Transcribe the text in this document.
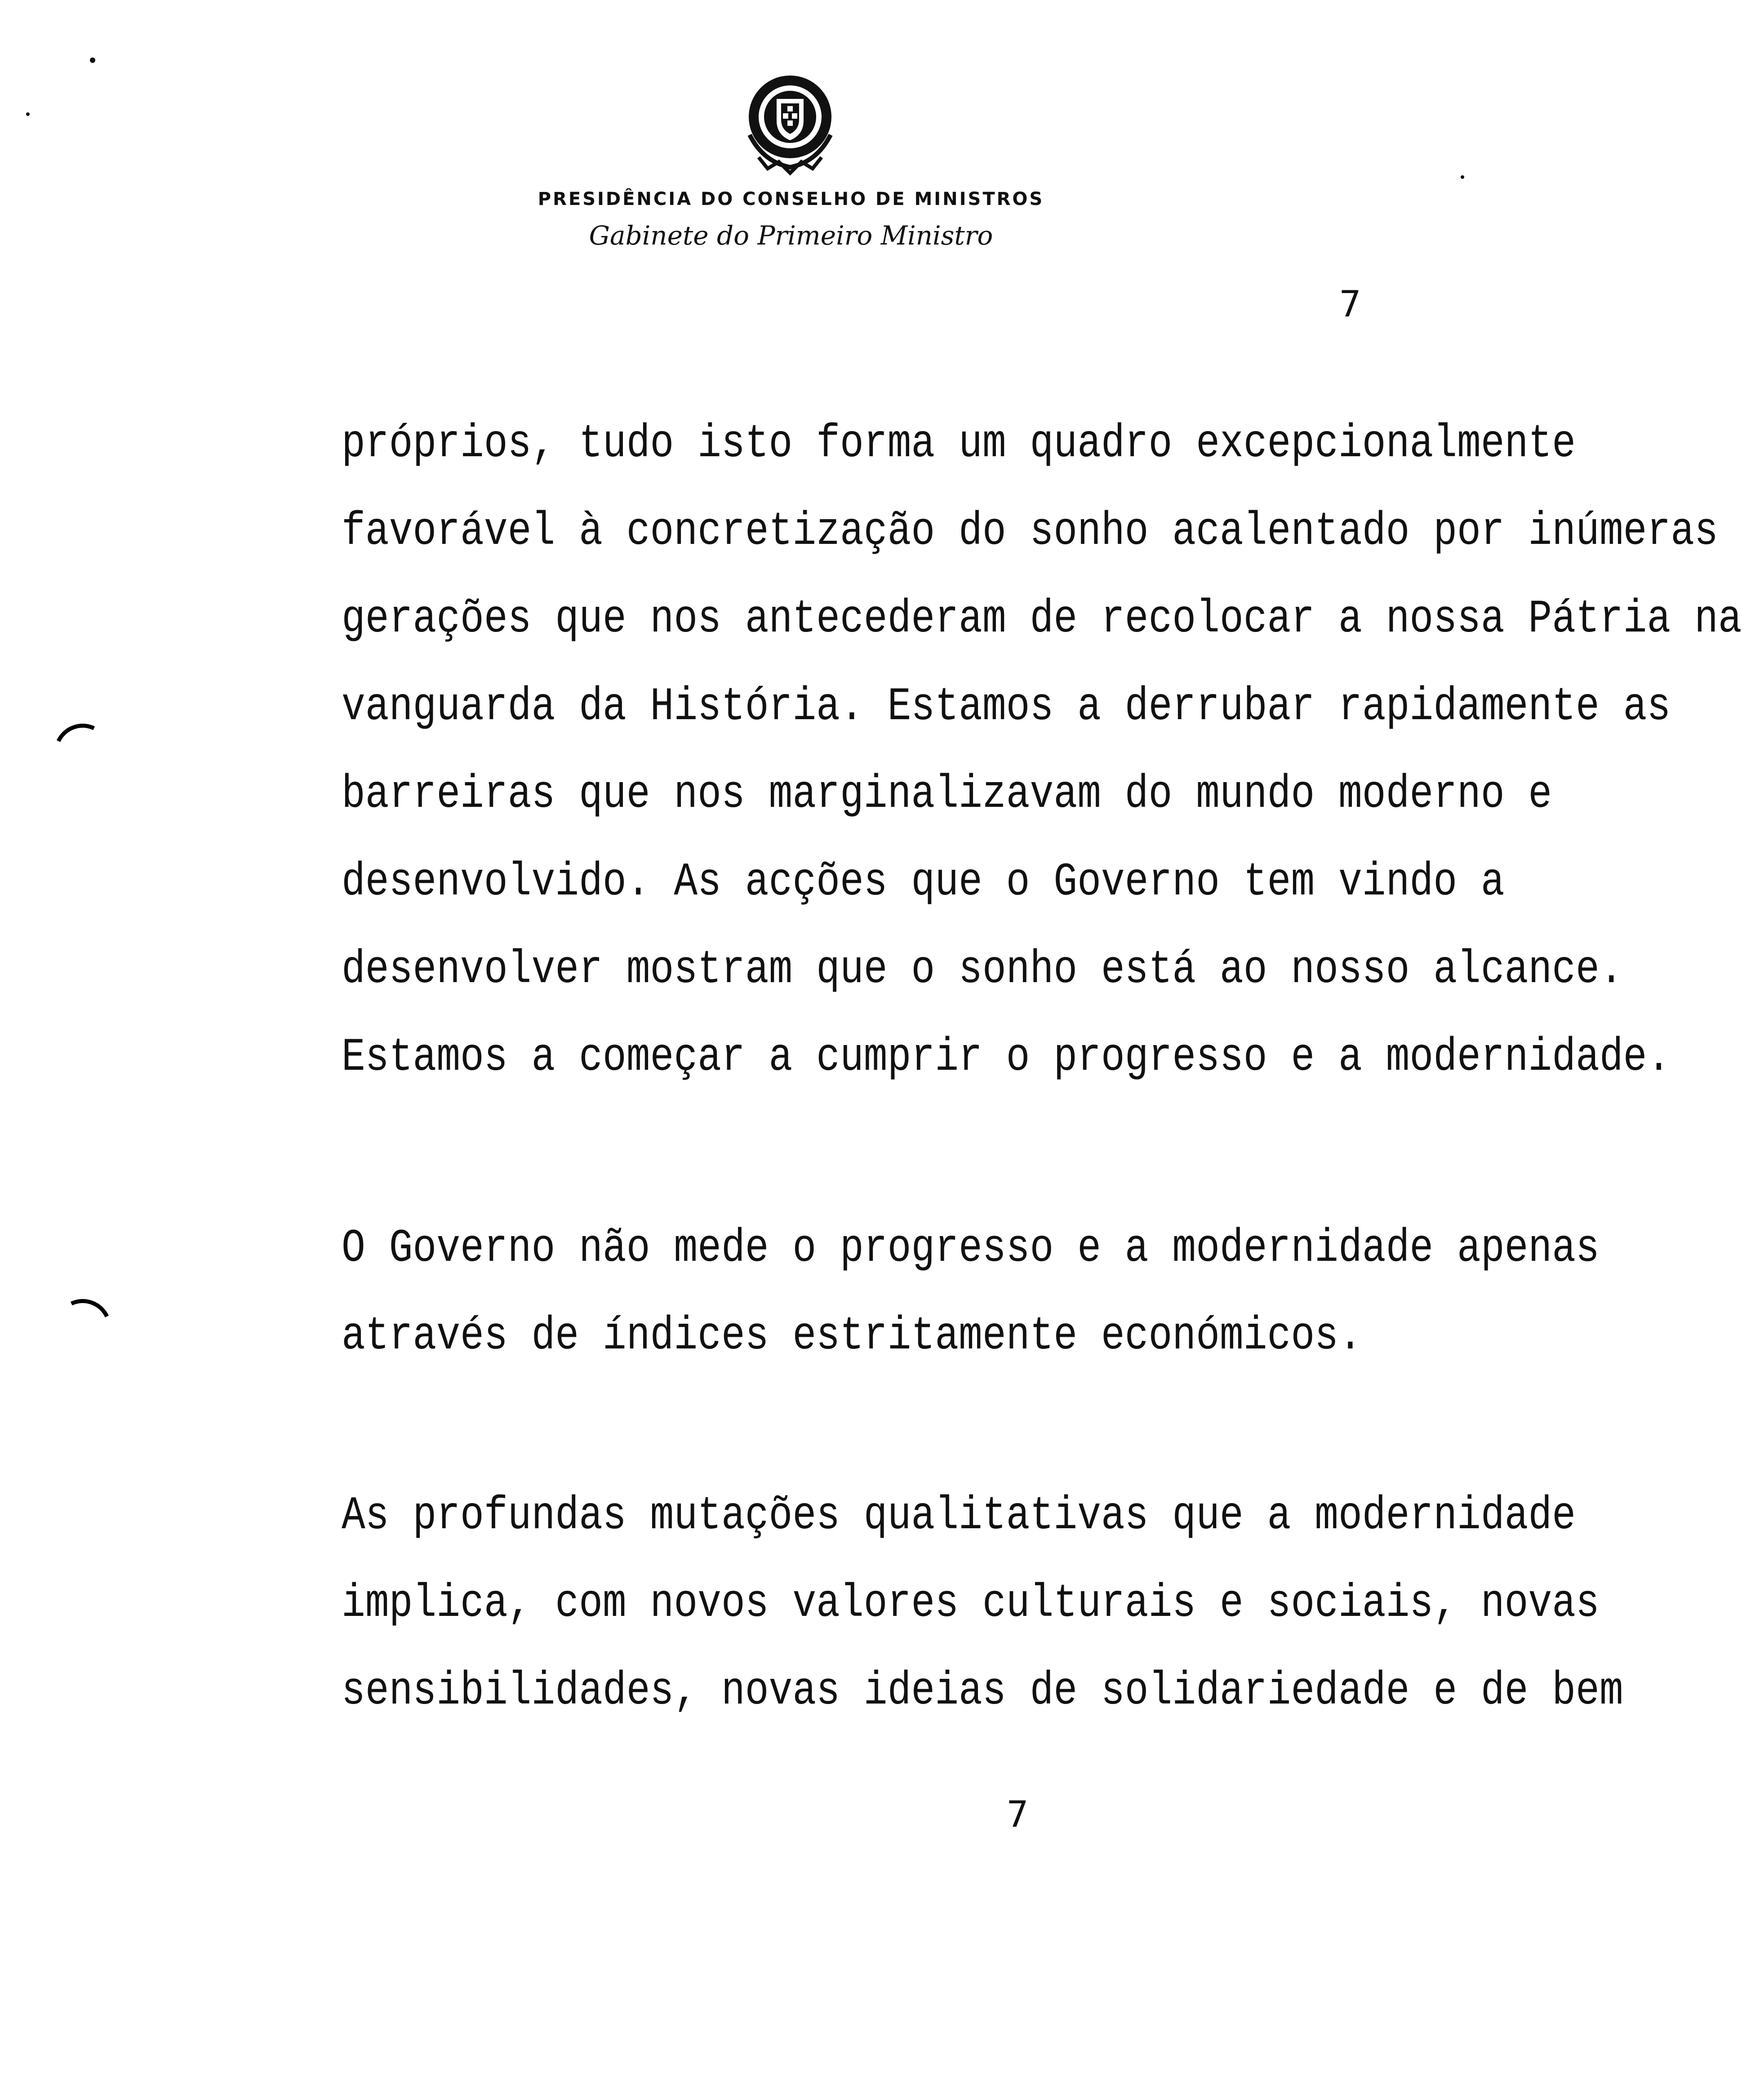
PRESIDÊNCIA DO CONSELHO DE MINISTROS
Gabinete do Primeiro Ministro
7
próprios, tudo isto forma um quadro excepcionalmente
favorável à concretização do sonho acalentado por inúmeras
gerações que nos antecederam de recolocar a nossa Pátria na
vanguarda da História. Estamos a derrubar rapidamente as
barreiras que nos marginalizavam do mundo moderno e
desenvolvido. As acções que o Governo tem vindo a
desenvolver mostram que o sonho está ao nosso alcance.
Estamos a começar a cumprir o progresso e a modernidade.
O Governo não mede o progresso e a modernidade apenas
através de índices estritamente económicos.
As profundas mutações qualitativas que a modernidade
implica, com novos valores culturais e sociais, novas
sensibilidades, novas ideias de solidariedade e de bem
7
